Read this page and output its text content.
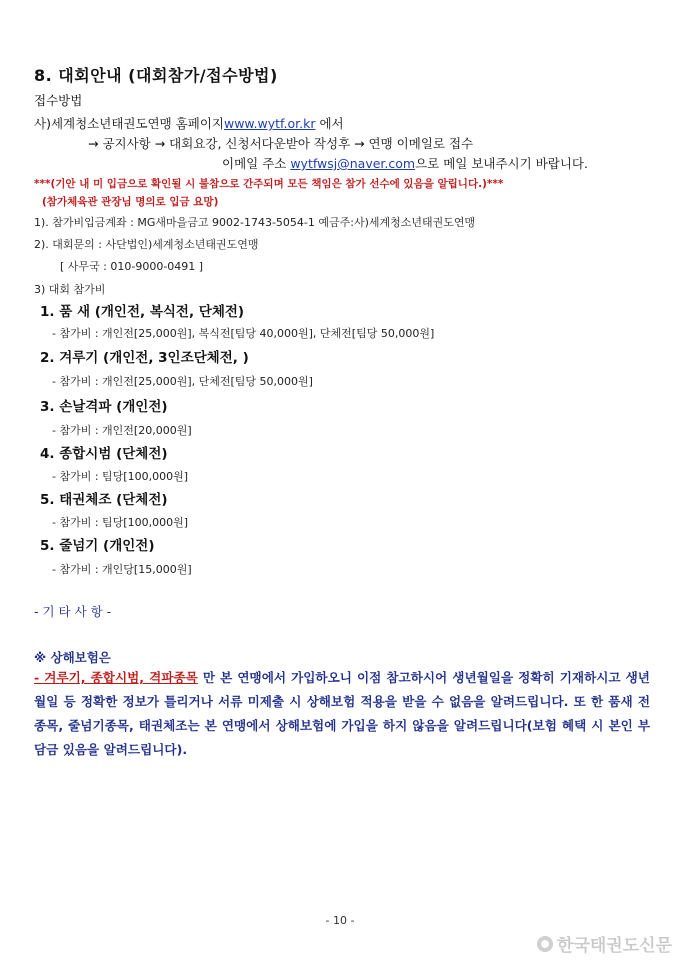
8. 대회안내 (대회참가/접수방법)
접수방법
사)세계청소년태권도연맹 홈페이지www.wytf.or.kr 에서
→ 공지사항 → 대회요강, 신청서다운받아 작성후 → 연맹 이메일로 접수
이메일 주소 wytfwsj@naver.com으로 메일 보내주시기 바랍니다.
***(기안 내 미 입금으로 확인될 시 불참으로 간주되며 모든 책임은 참가 선수에 있음을 알립니다.)***
(참가체육관 관장님 명의로 입금 요망)
1). 참가비입금계좌 : MG새마을금고 9002-1743-5054-1 예금주:사)세계청소년태권도연맹
2). 대회문의 : 사단법인)세계청소년태권도연맹
[ 사무국 : 010-9000-0491 ]
3) 대회 참가비
1. 품 새 (개인전, 복식전, 단체전)
- 참가비 : 개인전[25,000원], 복식전[팀당 40,000원], 단체전[팀당 50,000원]
2. 겨루기 (개인전, 3인조단체전, )
- 참가비 : 개인전[25,000원], 단체전[팀당 50,000원]
3. 손날격파 (개인전)
- 참가비 : 개인전[20,000원]
4. 종합시범 (단체전)
- 참가비 : 팀당[100,000원]
5. 태권체조 (단체전)
- 참가비 : 팀당[100,000원]
5. 줄넘기 (개인전)
- 참가비 : 개인당[15,000원]
- 기 타 사 항 -
※ 상해보험은
- 겨루기, 종합시범, 격파종목 만 본 연맹에서 가입하오니 이점 참고하시어 생년월일을 정확히 기재하시고 생년월일 등 정확한 정보가 틀리거나 서류 미제출 시 상해보험 적용을 받을 수 없음을 알려드립니다. 또 한 품새 전 종목, 줄넘기종목, 태권체조는 본 연맹에서 상해보험에 가입을 하지 않음을 알려드립니다(보험 혜택 시 본인 부담금 있음을 알려드립니다).
- 10 -
한국태권도신문
